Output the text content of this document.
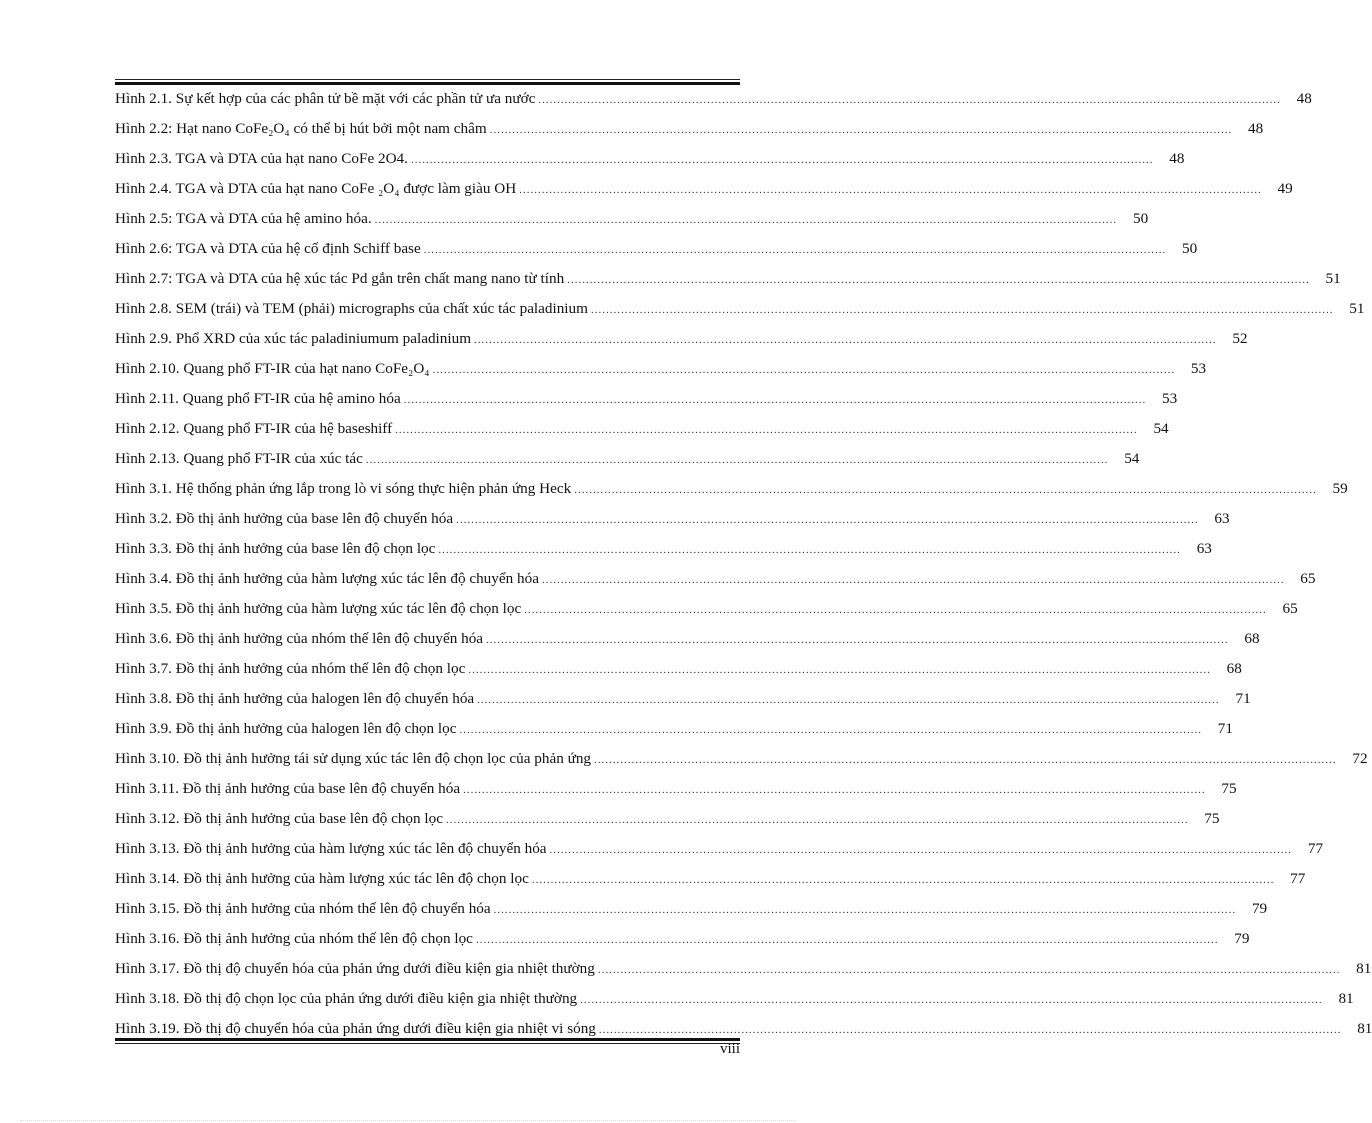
Hình 2.1. Sự kết hợp của các phân tử bề mặt với các phần tử ưa nước .....	48
Hình 2.2: Hạt nano CoFe₂O₄ có thể bị hút bởi một nam châm .....	48
Hình 2.3. TGA và DTA của hạt nano CoFe 2O4. .....	48
Hình 2.4. TGA và DTA của hạt nano CoFe ₂O₄ được làm giàu OH .....	49
Hình 2.5: TGA và DTA của hệ amino hóa. .....	50
Hình 2.6: TGA và DTA của hệ cố định Schiff base .....	50
Hình 2.7: TGA và DTA của hệ xúc tác Pd gắn trên chất mang nano từ tính .....	51
Hình 2.8. SEM (trái) và TEM (phải) micrographs của chất xúc tác paladinium .....	51
Hình 2.9. Phổ XRD của xúc tác paladiniumum paladinium .....	52
Hình 2.10. Quang phổ FT-IR của hạt nano CoFe₂O₄ .....	53
Hình 2.11. Quang phổ FT-IR của hệ amino hóa .....	53
Hình 2.12. Quang phổ FT-IR của hệ baseshiff .....	54
Hình 2.13. Quang phổ FT-IR của xúc tác .....	54
Hình 3.1. Hệ thống phản ứng lắp trong lò vi sóng thực hiện phản ứng Heck .....	59
Hình 3.2. Đồ thị ảnh hưởng của base lên độ chuyển hóa .....	63
Hình 3.3. Đồ thị ảnh hưởng của base lên độ chọn lọc .....	63
Hình 3.4. Đồ thị ảnh hưởng của hàm lượng xúc tác lên độ chuyển hóa .....	65
Hình 3.5. Đồ thị ảnh hưởng của hàm lượng xúc tác lên độ chọn lọc .....	65
Hình 3.6. Đồ thị ảnh hưởng của nhóm thế lên độ chuyển hóa .....	68
Hình 3.7. Đồ thị ảnh hưởng của nhóm thế lên độ chọn lọc .....	68
Hình 3.8. Đồ thị ảnh hưởng của halogen lên độ chuyển hóa .....	71
Hình 3.9. Đồ thị ảnh hưởng của halogen lên độ chọn lọc .....	71
Hình 3.10. Đồ thị ảnh hưởng tái sử dụng xúc tác lên độ chọn lọc của phản ứng .....	72
Hình 3.11. Đồ thị ảnh hưởng của base lên độ chuyển hóa .....	75
Hình 3.12. Đồ thị ảnh hưởng của base lên độ chọn lọc .....	75
Hình 3.13. Đồ thị ảnh hưởng của hàm lượng xúc tác lên độ chuyển hóa .....	77
Hình 3.14. Đồ thị ảnh hưởng của hàm lượng xúc tác lên độ chọn lọc .....	77
Hình 3.15. Đồ thị ảnh hưởng của nhóm thế lên độ chuyển hóa .....	79
Hình 3.16. Đồ thị ảnh hưởng của nhóm thế lên độ chọn lọc .....	79
Hình 3.17. Đồ thị độ chuyển hóa của phản ứng dưới điều kiện gia nhiệt thường .....	81
Hình 3.18. Đồ thị độ chọn lọc của phản ứng dưới điều kiện gia nhiệt thường .....	81
Hình 3.19. Đồ thị độ chuyển hóa của phản ứng dưới điều kiện gia nhiệt vi sóng .....	81
viii
